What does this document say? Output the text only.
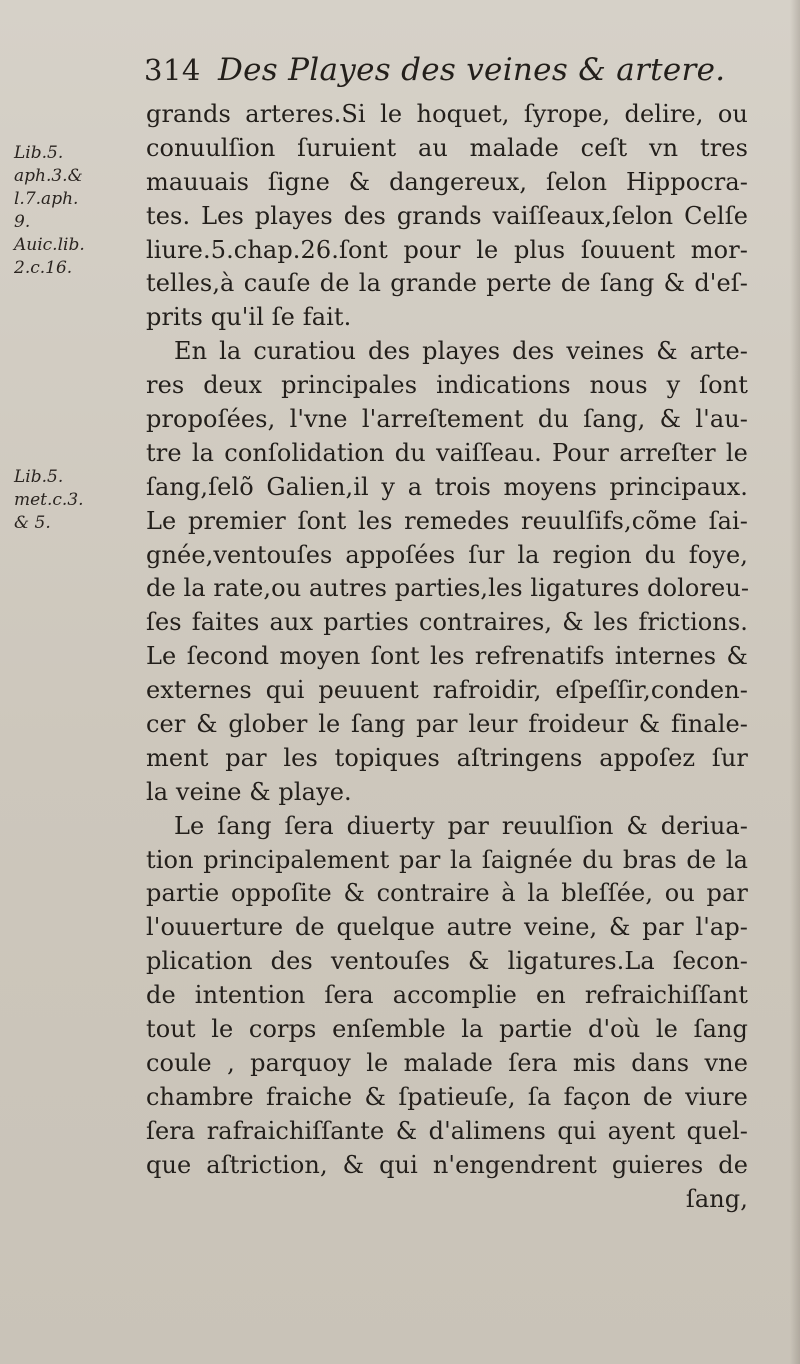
314 Des Playes des veines & artere.
Lib.5.
aph.3.&
l.7.aph.
9.
Auic.lib.
2.c.16.
Lib.5.
met.c.3.
& 5.
grands arteres.Si le hoquet, ſyrope, delire, ou
conuulſion ſuruient au malade ceſt vn tres
mauuais ſigne & dangereux, ſelon Hippocra-
tes. Les playes des grands vaiſſeaux,ſelon Celſe
liure.5.chap.26.ſont pour le plus ſouuent mor-
telles,à cauſe de la grande perte de ſang & d'eſ-
prits qu'il ſe fait.
En la curatiou des playes des veines & arte-
res deux principales indications nous y ſont
propoſées, l'vne l'arreſtement du ſang, & l'au-
tre la conſolidation du vaiſſeau. Pour arreſter le
ſang,ſelõ Galien,il y a trois moyens principaux.
Le premier ſont les remedes reuulſifs,cõme ſai-
gnée,ventouſes appoſées ſur la region du foye,
de la rate,ou autres parties,les ligatures doloreu-
ſes faites aux parties contraires, & les frictions.
Le ſecond moyen ſont les refrenatifs internes &
externes qui peuuent rafroidir, eſpeſſir,conden-
cer & glober le ſang par leur froideur & finale-
ment par les topiques aſtringens appoſez ſur
la veine & playe.
Le ſang ſera diuerty par reuulſion & deriua-
tion principalement par la ſaignée du bras de la
partie oppoſite & contraire à la bleſſée, ou par
l'ouuerture de quelque autre veine, & par l'ap-
plication des ventouſes & ligatures.La ſecon-
de intention ſera accomplie en refraichiſſant
tout le corps enſemble la partie d'où le ſang
coule , parquoy le malade ſera mis dans vne
chambre fraiche & ſpatieuſe, ſa façon de viure
ſera rafraichiſſante & d'alimens qui ayent quel-
que aſtriction, & qui n'engendrent guieres de
ſang,
